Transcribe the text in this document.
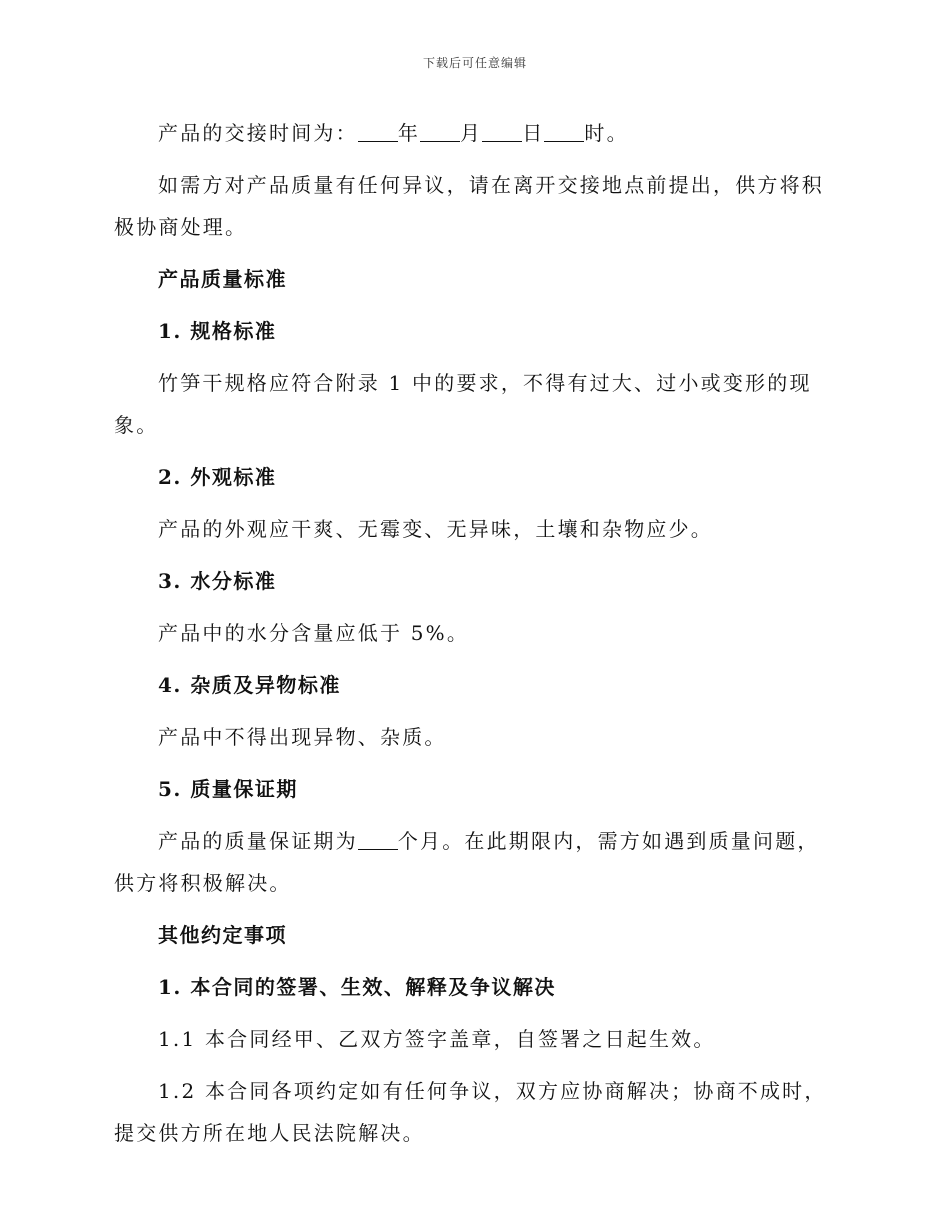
下载后可任意编辑

产品的交接时间为： 年 月 日 时。

如需方对产品质量有任何异议，请在离开交接地点前提出，供方将积极协商处理。

产品质量标准

1. 规格标准

竹笋干规格应符合附录 1 中的要求，不得有过大、过小或变形的现象。

2. 外观标准

产品的外观应干爽、无霉变、无异味，土壤和杂物应少。

3. 水分标准

产品中的水分含量应低于 5%。

4. 杂质及异物标准

产品中不得出现异物、杂质。

5. 质量保证期

产品的质量保证期为 个月。在此期限内，需方如遇到质量问题，供方将积极解决。

其他约定事项

1. 本合同的签署、生效、解释及争议解决

1.1 本合同经甲、乙双方签字盖章，自签署之日起生效。

1.2 本合同各项约定如有任何争议，双方应协商解决；协商不成时，提交供方所在地人民法院解决。
